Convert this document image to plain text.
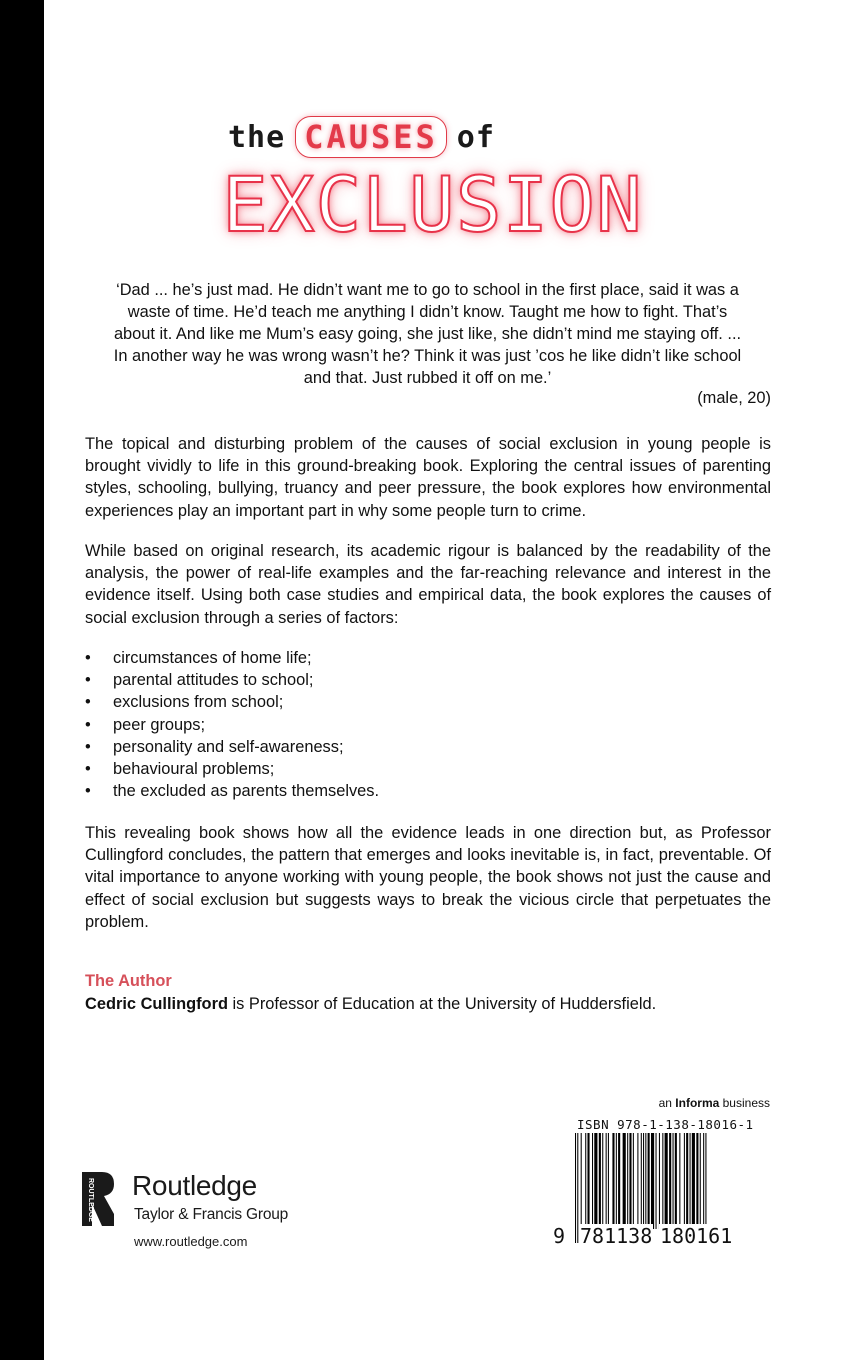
the CAUSES of
EXCLUSION
‘Dad ... he’s just mad. He didn’t want me to go to school in the first place, said it was a waste of time. He’d teach me anything I didn’t know. Taught me how to fight. That’s about it. And like me Mum’s easy going, she just like, she didn’t mind me staying off. ... In another way he was wrong wasn’t he? Think it was just ’cos he like didn’t like school and that. Just rubbed it off on me.’
(male, 20)
The topical and disturbing problem of the causes of social exclusion in young people is brought vividly to life in this ground-breaking book. Exploring the central issues of parenting styles, schooling, bullying, truancy and peer pressure, the book explores how environmental experiences play an important part in why some people turn to crime.
While based on original research, its academic rigour is balanced by the readability of the analysis, the power of real-life examples and the far-reaching relevance and interest in the evidence itself. Using both case studies and empirical data, the book explores the causes of social exclusion through a series of factors:
• circumstances of home life;
• parental attitudes to school;
• exclusions from school;
• peer groups;
• personality and self-awareness;
• behavioural problems;
• the excluded as parents themselves.
This revealing book shows how all the evidence leads in one direction but, as Professor Cullingford concludes, the pattern that emerges and looks inevitable is, in fact, preventable. Of vital importance to anyone working with young people, the book shows not just the cause and effect of social exclusion but suggests ways to break the vicious circle that perpetuates the problem.
The Author
Cedric Cullingford is Professor of Education at the University of Huddersfield.
an Informa business
ISBN 978-1-138-18016-1
9 781138 180161
ROUTLEDGE Routledge
Taylor & Francis Group
www.routledge.com
